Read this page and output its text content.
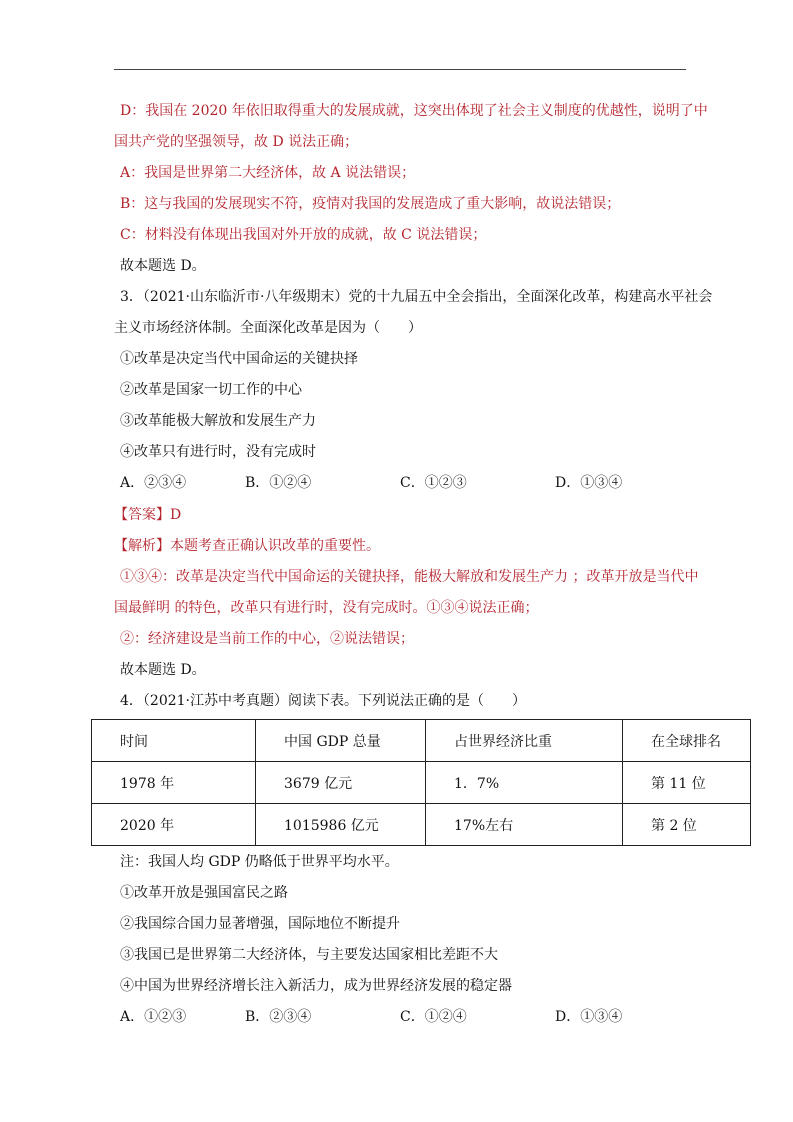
D：我国在 2020 年依旧取得重大的发展成就，这突出体现了社会主义制度的优越性，说明了中
国共产党的坚强领导，故 D 说法正确；
A：我国是世界第二大经济体，故 A 说法错误；
B：这与我国的发展现实不符，疫情对我国的发展造成了重大影响，故说法错误；
C：材料没有体现出我国对外开放的成就，故 C 说法错误；
故本题选 D。
3．（2021·山东临沂市·八年级期末）党的十九届五中全会指出，全面深化改革，构建高水平社会
主义市场经济体制。全面深化改革是因为（　　）
①改革是决定当代中国命运的关键抉择
②改革是国家一切工作的中心
③改革能极大解放和发展生产力
④改革只有进行时，没有完成时
A．②③④	B．①②④	C．①②③	D．①③④
【答案】D
【解析】本题考查正确认识改革的重要性。
①③④：改革是决定当代中国命运的关键抉择，能极大解放和发展生产力 ；改革开放是当代中
国最鲜明 的特色，改革只有进行时，没有完成时。①③④说法正确；
②：经济建设是当前工作的中心，②说法错误；
故本题选 D。
4．（2021·江苏中考真题）阅读下表。下列说法正确的是（　　）
时间	中国 GDP 总量	占世界经济比重	在全球排名
1978 年	3679 亿元	1．7%	第 11 位
2020 年	1015986 亿元	17%左右	第 2 位
注：我国人均 GDP 仍略低于世界平均水平。
①改革开放是强国富民之路
②我国综合国力显著增强，国际地位不断提升
③我国已是世界第二大经济体，与主要发达国家相比差距不大
④中国为世界经济增长注入新活力，成为世界经济发展的稳定器
A．①②③	B．②③④	C．①②④	D．①③④
